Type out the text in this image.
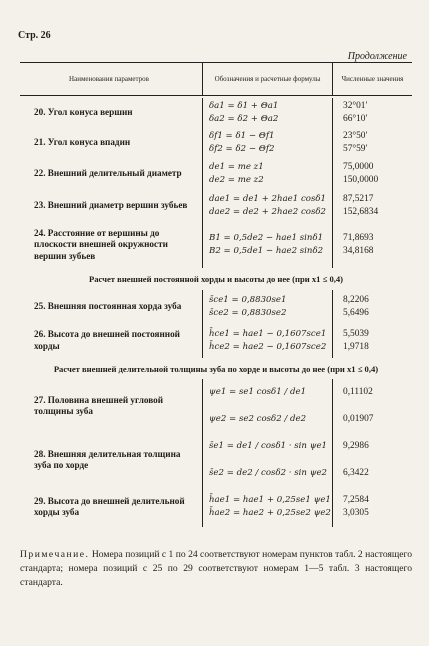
Стр. 26
Продолжение
Наименования параметров	Обозначения и расчетные формулы	Численные значения
20. Угол конуса вершин
δa1 = δ1 + Θa1
δa2 = δ2 + Θa2
32°01′
66°10′
21. Угол конуса впадин
δf1 = δ1 − Θf1
δf2 = δ2 − Θf2
23°50′
57°59′
22. Внешний делительный диаметр
de1 = me z1
de2 = me z2
75,0000
150,0000
23. Внешний диаметр вершин зубьев
dae1 = de1 + 2hae1 cosδ1
dae2 = de2 + 2hae2 cosδ2
87,5217
152,6834
24. Расстояние от вершины до плоскости внешней окружности вершин зубьев
B1 = 0,5de2 − hae1 sinδ1
B2 = 0,5de1 − hae2 sinδ2
71,8693
34,8168
Расчет внешней постоянной хорды и высоты до нее (при x1 ≤ 0,4)
25. Внешняя постоянная хорда зуба
s̄ce1 = 0,8830se1
s̄ce2 = 0,8830se2
8,2206
5,6496
26. Высота до внешней постоянной хорды
h̄ce1 = hae1 − 0,1607sce1
h̄ce2 = hae2 − 0,1607sce2
5,5039
1,9718
Расчет внешней делительной толщины зуба по хорде и высоты до нее (при x1 ≤ 0,4)
27. Половина внешней угловой толщины зуба
ψe1 = se1 cosδ1 / de1
ψe2 = se2 cosδ2 / de2
0,11102
0,01907
28. Внешняя делительная толщина зуба по хорде
s̄e1 = de1 / cosδ1 · sin ψe1
s̄e2 = de2 / cosδ2 · sin ψe2
9,2986
6,3422
29. Высота до внешней делительной хорды зуба
h̄ae1 = hae1 + 0,25se1 ψe1
h̄ae2 = hae2 + 0,25se2 ψe2
7,2584
3,0305
Примечание. Номера позиций с 1 по 24 соответствуют номерам пунктов табл. 2 настоящего стандарта; номера позиций с 25 по 29 соответствуют номерам 1—5 табл. 3 настоящего стандарта.
